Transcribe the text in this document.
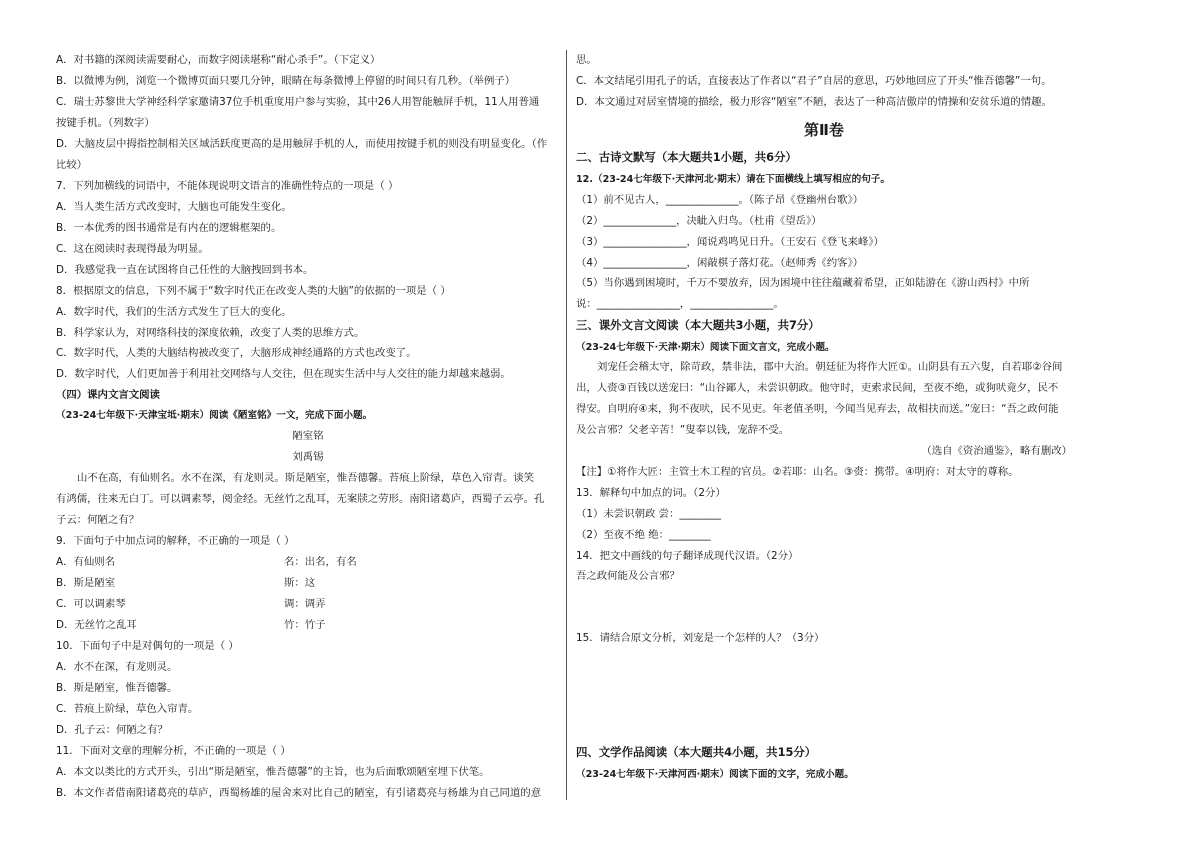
A．对书籍的深阅读需要耐心，而数字阅读堪称“耐心杀手”。（下定义）
B．以微博为例，浏览一个微博页面只要几分钟，眼睛在每条微博上停留的时间只有几秒。（举例子）
C．瑞士苏黎世大学神经科学家邀请37位手机重度用户参与实验，其中26人用智能触屏手机，11人用普通
按键手机。（列数字）
D．大脑皮层中拇指控制相关区域活跃度更高的是用触屏手机的人，而使用按键手机的则没有明显变化。（作
比较）
7．下列加横线的词语中，不能体现说明文语言的准确性特点的一项是（ ）
A．当人类生活方式改变时，大脑也可能发生变化。
B．一本优秀的图书通常是有内在的逻辑框架的。
C．这在阅读时表现得最为明显。
D．我感觉我一直在试图将自己任性的大脑拽回到书本。
8．根据原文的信息，下列不属于“数字时代正在改变人类的大脑”的依据的一项是（ ）
A．数字时代，我们的生活方式发生了巨大的变化。
B．科学家认为，对网络科技的深度依赖，改变了人类的思维方式。
C．数字时代，人类的大脑结构被改变了，大脑形成神经通路的方式也改变了。
D．数字时代，人们更加善于利用社交网络与人交往，但在现实生活中与人交往的能力却越来越弱。
（四）课内文言文阅读
（23-24七年级下·天津宝坻·期末）阅读《陋室铭》一文，完成下面小题。
陋室铭
刘禹锡
山不在高，有仙则名。水不在深，有龙则灵。斯是陋室，惟吾德馨。苔痕上阶绿，草色入帘青。谈笑
有鸿儒，往来无白丁。可以调素琴，阅金经。无丝竹之乱耳，无案牍之劳形。南阳诸葛庐，西蜀子云亭。孔
子云：何陋之有？
9．下面句子中加点词的解释，不正确的一项是（ ）
A．有仙则名	名：出名，有名
B．斯是陋室	斯：这
C．可以调素琴	调：调弄
D．无丝竹之乱耳	竹：竹子
10．下面句子中是对偶句的一项是（ ）
A．水不在深，有龙则灵。
B．斯是陋室，惟吾德馨。
C．苔痕上阶绿，草色入帘青。
D．孔子云：何陋之有？
11．下面对文章的理解分析，不正确的一项是（ ）
A．本文以类比的方式开头，引出“斯是陋室，惟吾德馨”的主旨，也为后面歌颂陋室埋下伏笔。
B．本文作者借南阳诸葛亮的草庐，西蜀杨雄的屋舍来对比自己的陋室，有引诸葛亮与杨雄为自己同道的意
思。
C．本文结尾引用孔子的话，直接表达了作者以“君子”自居的意思，巧妙地回应了开头“惟吾德馨”一句。
D．本文通过对居室情境的描绘，极力形容“陋室”不陋，表达了一种高洁傲岸的情操和安贫乐道的情趣。
第Ⅱ卷
二、古诗文默写（本大题共1小题，共6分）
12.（23-24七年级下·天津河北·期末）请在下面横线上填写相应的句子。
（1）前不见古人，______________。（陈子昂《登幽州台歌》）
（2）______________，决眦入归鸟。（杜甫《望岳》）
（3）________________，闻说鸡鸣见日升。（王安石《登飞来峰》）
（4）________________，闲敲棋子落灯花。（赵师秀《约客》）
（5）当你遇到困境时，千万不要放弃，因为困境中往往蕴藏着希望，正如陆游在《游山西村》中所
说：________________，________________。
三、课外文言文阅读（本大题共3小题，共7分）
（23-24七年级下·天津·期末）阅读下面文言文，完成小题。
刘宠任会稽太守，除苛政，禁非法，郡中大治。朝廷征为将作大匠①。山阴县有五六叟，自若耶②谷间
出，人赍③百钱以送宠曰：“山谷鄙人，未尝识朝政。他守时，吏索求民间，至夜不绝，或狗吠竟夕，民不
得安。自明府④来，狗不夜吠，民不见吏。年老值圣明，今闻当见弃去，故相扶而送。”宠曰：“吾之政何能
及公言邪？父老辛苦！”叟奉以钱，宠辞不受。
（选自《资治通鉴》，略有删改）
【注】①将作大匠：主管土木工程的官员。②若耶：山名。③赍：携带。④明府：对太守的尊称。
13．解释句中加点的词。（2分）
（1）未尝识朝政 尝：________
（2）至夜不绝 绝：________
14．把文中画线的句子翻译成现代汉语。（2分）
吾之政何能及公言邪？
15．请结合原文分析，刘宠是一个怎样的人？（3分）
四、文学作品阅读（本大题共4小题，共15分）
（23-24七年级下·天津河西·期末）阅读下面的文字，完成小题。
